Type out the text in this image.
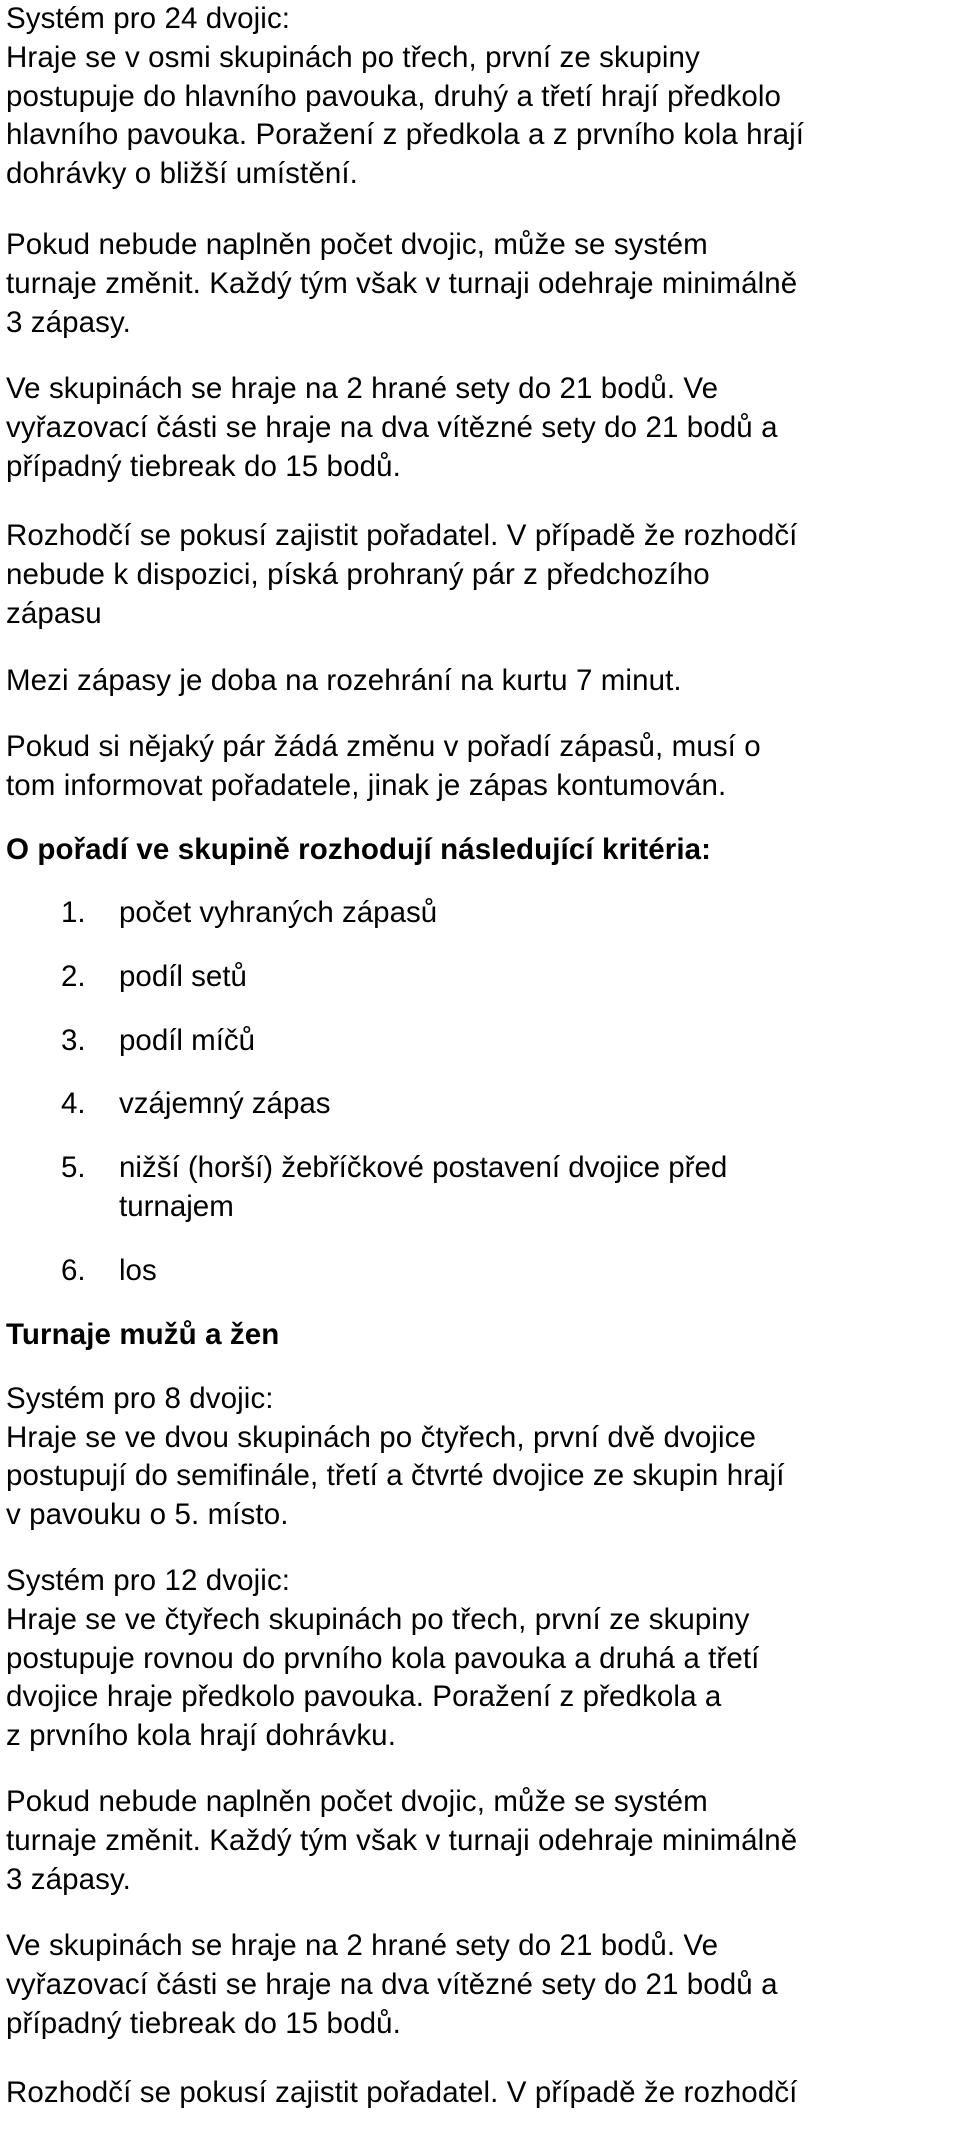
Systém pro 24 dvojic:
Hraje se v osmi skupinách po třech, první ze skupiny
postupuje do hlavního pavouka, druhý a třetí hrají předkolo
hlavního pavouka. Poražení z předkola a z prvního kola hrají
dohrávky o bližší umístění.
Pokud nebude naplněn počet dvojic, může se systém
turnaje změnit. Každý tým však v turnaji odehraje minimálně
3 zápasy.
Ve skupinách se hraje na 2 hrané sety do 21 bodů. Ve
vyřazovací části se hraje na dva vítězné sety do 21 bodů a
případný tiebreak do 15 bodů.
Rozhodčí se pokusí zajistit pořadatel. V případě že rozhodčí
nebude k dispozici, píská prohraný pár z předchozího
zápasu
Mezi zápasy je doba na rozehrání na kurtu 7 minut.
Pokud si nějaký pár žádá změnu v pořadí zápasů, musí o
tom informovat pořadatele, jinak je zápas kontumován.
O pořadí ve skupině rozhodují následující kritéria:
1. počet vyhraných zápasů
2. podíl setů
3. podíl míčů
4. vzájemný zápas
5. nižší (horší) žebříčkové postavení dvojice před
turnajem
6. los
Turnaje mužů a žen
Systém pro 8 dvojic:
Hraje se ve dvou skupinách po čtyřech, první dvě dvojice
postupují do semifinále, třetí a čtvrté dvojice ze skupin hrají
v pavouku o 5. místo.
Systém pro 12 dvojic:
Hraje se ve čtyřech skupinách po třech, první ze skupiny
postupuje rovnou do prvního kola pavouka a druhá a třetí
dvojice hraje předkolo pavouka. Poražení z předkola a
z prvního kola hrají dohrávku.
Pokud nebude naplněn počet dvojic, může se systém
turnaje změnit. Každý tým však v turnaji odehraje minimálně
3 zápasy.
Ve skupinách se hraje na 2 hrané sety do 21 bodů. Ve
vyřazovací části se hraje na dva vítězné sety do 21 bodů a
případný tiebreak do 15 bodů.
Rozhodčí se pokusí zajistit pořadatel. V případě že rozhodčí
